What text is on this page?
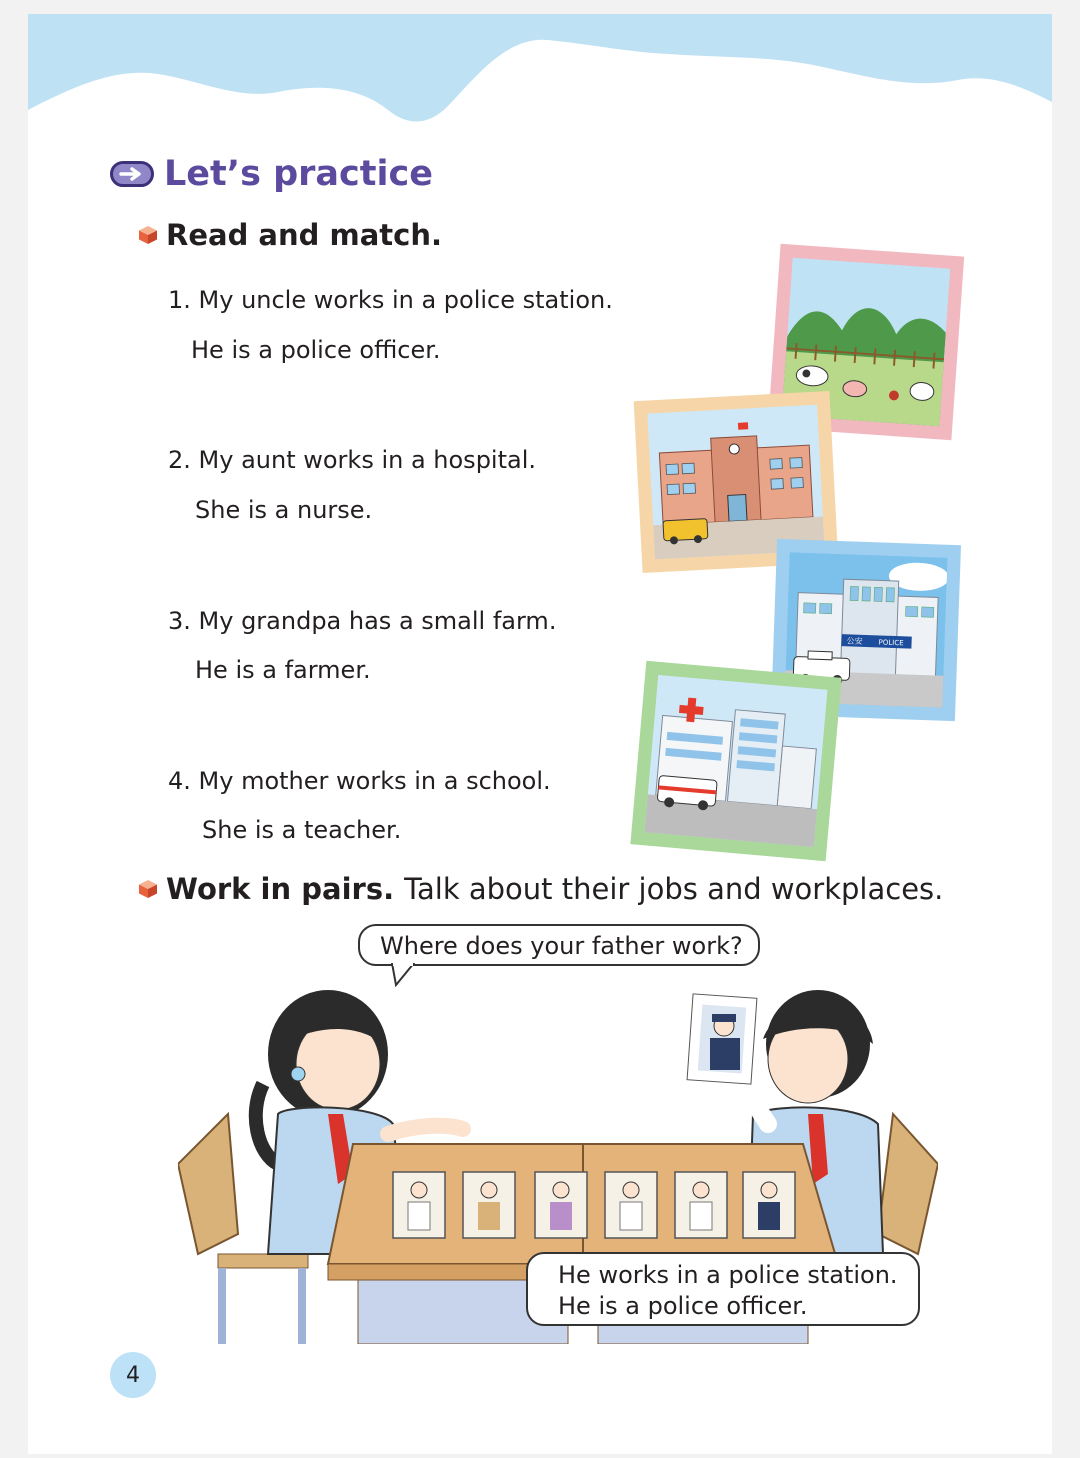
Let’s practice
Read and match.
1. My uncle works in a police station.
He is a police officer.
2. My aunt works in a hospital.
She is a nurse.
3. My grandpa has a small farm.
He is a farmer.
4. My mother works in a school.
She is a teacher.
公安 POLICE
Work in pairs. Talk about their jobs and workplaces.
Where does your father work?
He works in a police station.
He is a police officer.
4
